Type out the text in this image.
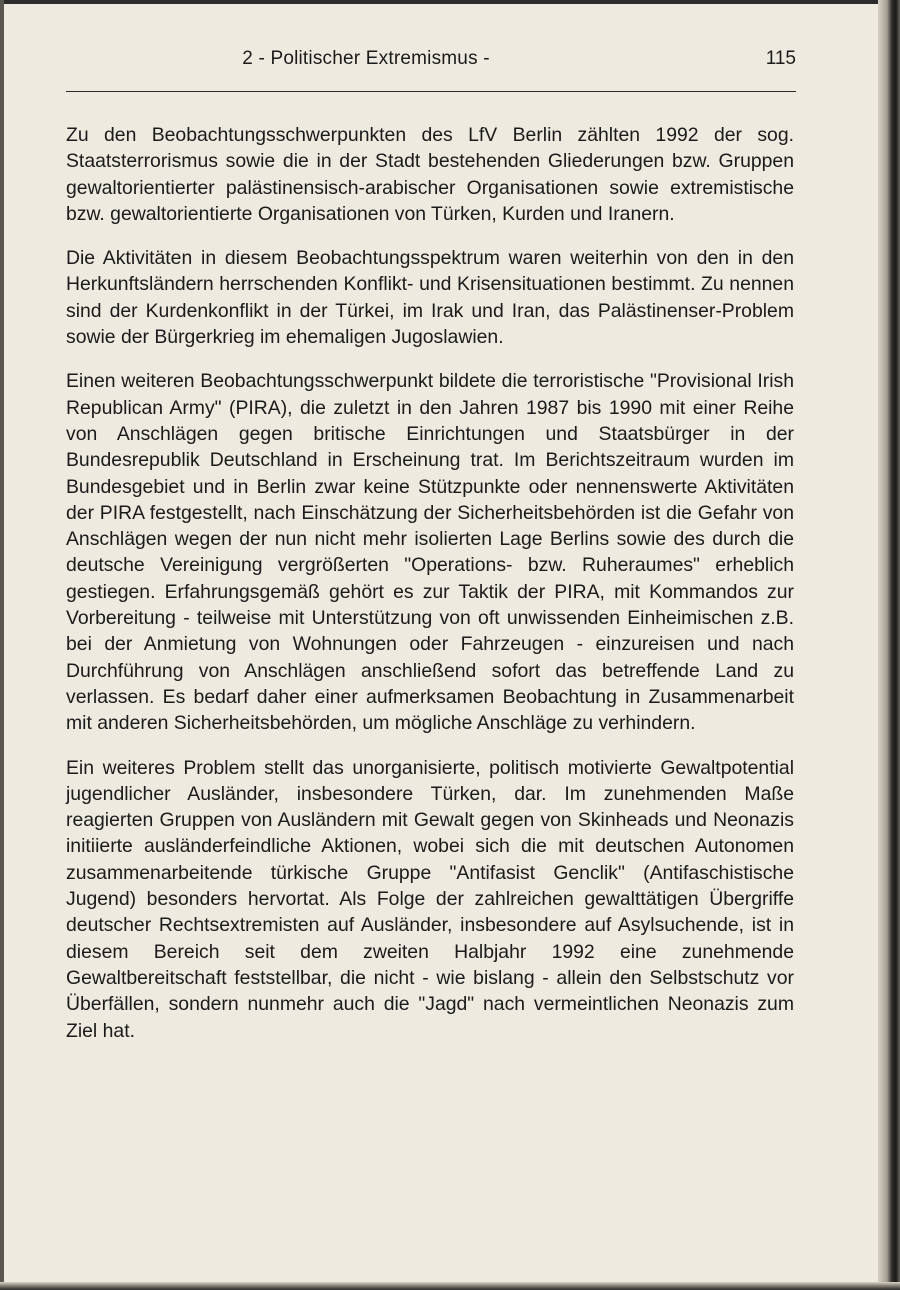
2 - Politischer Extremismus -	115

Zu den Beobachtungsschwerpunkten des LfV Berlin zählten 1992 der sog. Staatsterrorismus sowie die in der Stadt bestehenden Gliederungen bzw. Gruppen gewaltorientierter palästinensisch-arabischer Organisationen sowie extremistische bzw. gewaltorientierte Organisationen von Türken, Kurden und Iranern.

Die Aktivitäten in diesem Beobachtungsspektrum waren weiterhin von den in den Herkunftsländern herrschenden Konflikt- und Krisensituationen bestimmt. Zu nennen sind der Kurdenkonflikt in der Türkei, im Irak und Iran, das Palästinenser-Problem sowie der Bürgerkrieg im ehemaligen Jugoslawien.

Einen weiteren Beobachtungsschwerpunkt bildete die terroristische "Provisional Irish Republican Army" (PIRA), die zuletzt in den Jahren 1987 bis 1990 mit einer Reihe von Anschlägen gegen britische Einrichtungen und Staatsbürger in der Bundesrepublik Deutschland in Erscheinung trat. Im Berichtszeitraum wurden im Bundesgebiet und in Berlin zwar keine Stützpunkte oder nennenswerte Aktivitäten der PIRA festgestellt, nach Einschätzung der Sicherheitsbehörden ist die Gefahr von Anschlägen wegen der nun nicht mehr isolierten Lage Berlins sowie des durch die deutsche Vereinigung vergrößerten "Operations- bzw. Ruheraumes" erheblich gestiegen. Erfahrungsgemäß gehört es zur Taktik der PIRA, mit Kommandos zur Vorbereitung - teilweise mit Unterstützung von oft unwissenden Einheimischen z.B. bei der Anmietung von Wohnungen oder Fahrzeugen - einzureisen und nach Durchführung von Anschlägen anschließend sofort das betreffende Land zu verlassen. Es bedarf daher einer aufmerksamen Beobachtung in Zusammenarbeit mit anderen Sicherheitsbehörden, um mögliche Anschläge zu verhindern.

Ein weiteres Problem stellt das unorganisierte, politisch motivierte Gewaltpotential jugendlicher Ausländer, insbesondere Türken, dar. Im zunehmenden Maße reagierten Gruppen von Ausländern mit Gewalt gegen von Skinheads und Neonazis initiierte ausländerfeindliche Aktionen, wobei sich die mit deutschen Autonomen zusammenarbeitende türkische Gruppe "Antifasist Genclik" (Antifaschistische Jugend) besonders hervortat. Als Folge der zahlreichen gewalttätigen Übergriffe deutscher Rechtsextremisten auf Ausländer, insbesondere auf Asylsuchende, ist in diesem Bereich seit dem zweiten Halbjahr 1992 eine zunehmende Gewaltbereitschaft feststellbar, die nicht - wie bislang - allein den Selbstschutz vor Überfällen, sondern nunmehr auch die "Jagd" nach vermeintlichen Neonazis zum Ziel hat.
